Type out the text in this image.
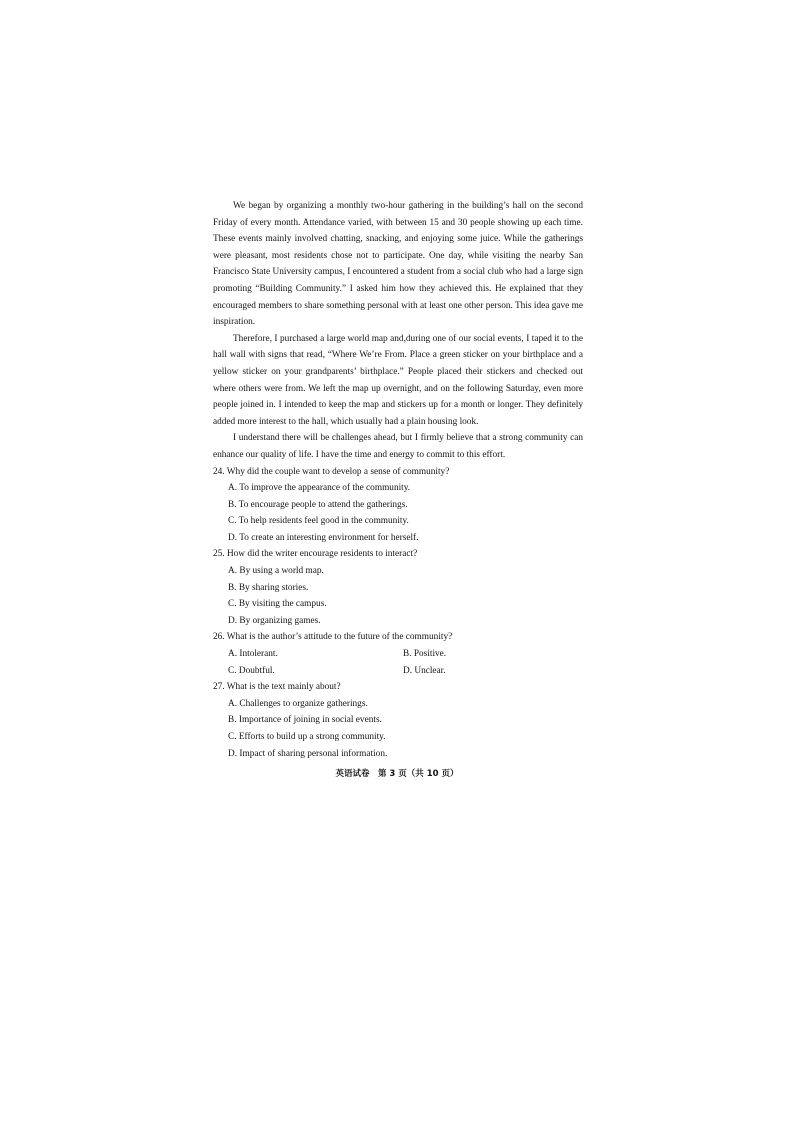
We began by organizing a monthly two-hour gathering in the building’s hall on the second Friday of every month. Attendance varied, with between 15 and 30 people showing up each time. These events mainly involved chatting, snacking, and enjoying some juice. While the gatherings were pleasant, most residents chose not to participate. One day, while visiting the nearby San Francisco State University campus, I encountered a student from a social club who had a large sign promoting “Building Community.” I asked him how they achieved this. He explained that they encouraged members to share something personal with at least one other person. This idea gave me inspiration.

Therefore, I purchased a large world map and,during one of our social events, I taped it to the hall wall with signs that read, “Where We’re From. Place a green sticker on your birthplace and a yellow sticker on your grandparents’ birthplace.” People placed their stickers and checked out where others were from. We left the map up overnight, and on the following Saturday, even more people joined in. I intended to keep the map and stickers up for a month or longer. They definitely added more interest to the hall, which usually had a plain housing look.

I understand there will be challenges ahead, but I firmly believe that a strong community can enhance our quality of life. I have the time and energy to commit to this effort.

24. Why did the couple want to develop a sense of community?

A. To improve the appearance of the community.

B. To encourage people to attend the gatherings.

C. To help residents feel good in the community.

D. To create an interesting environment for herself.

25. How did the writer encourage residents to interact?

A. By using a world map.

B. By sharing stories.

C. By visiting the campus.

D. By organizing games.

26. What is the author’s attitude to the future of the community?

A. Intolerant.	B. Positive.
C. Doubtful.	D. Unclear.

27. What is the text mainly about?

A. Challenges to organize gatherings.

B. Importance of joining in social events.

C. Efforts to build up a strong community.

D. Impact of sharing personal information.

英语试卷　第 3 页（共 10 页）
